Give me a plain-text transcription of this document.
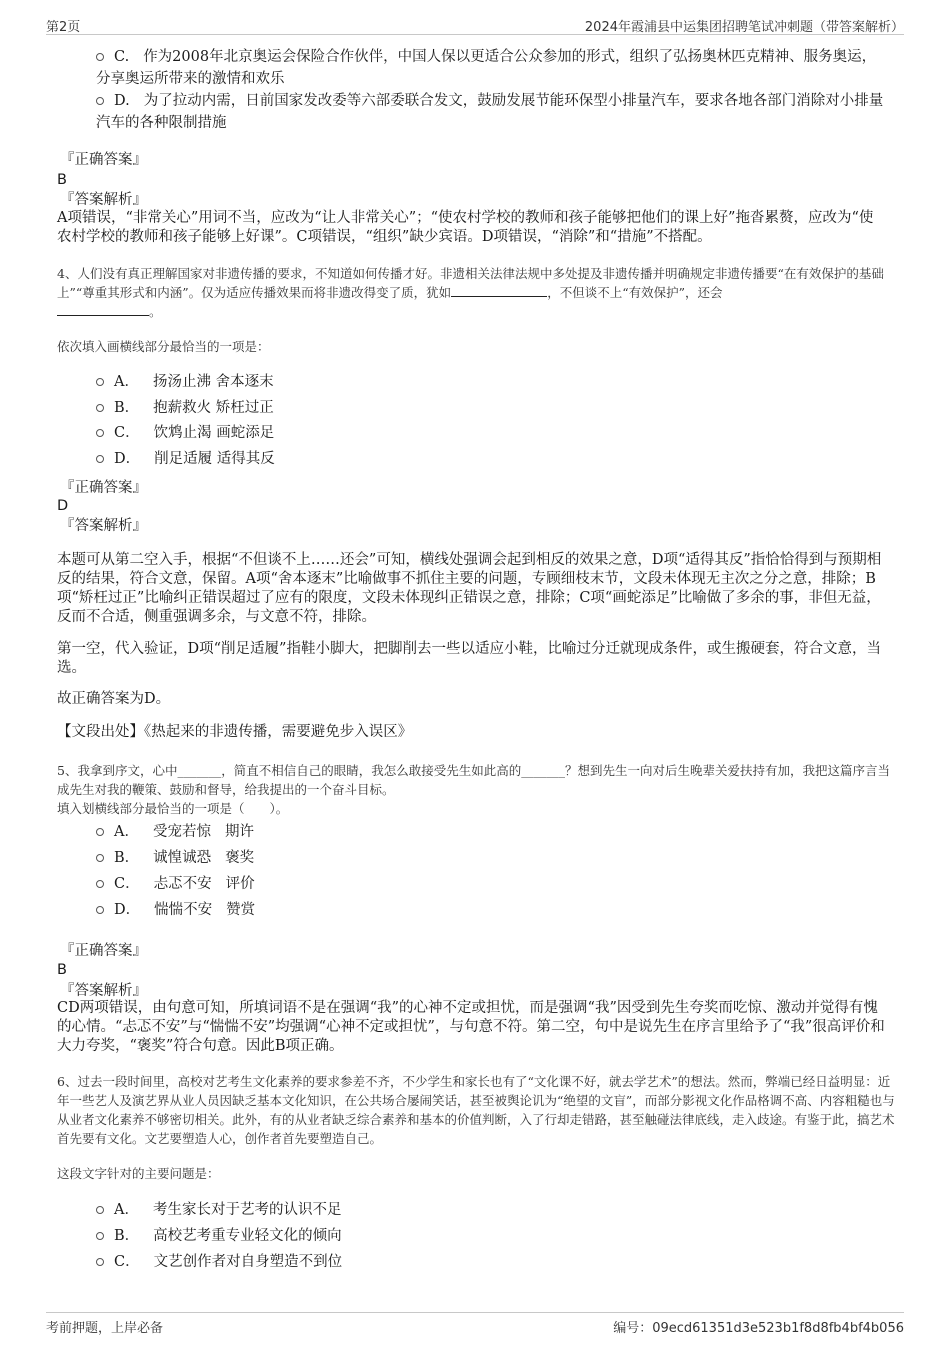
第2页	2024年霞浦县中运集团招聘笔试冲刺题（带答案解析）
C. 作为2008年北京奥运会保险合作伙伴，中国人保以更适合公众参加的形式，组织了弘扬奥林匹克精神、服务奥运，分享奥运所带来的激情和欢乐
D. 为了拉动内需，日前国家发改委等六部委联合发文，鼓励发展节能环保型小排量汽车，要求各地各部门消除对小排量汽车的各种限制措施
『正确答案』
B
『答案解析』
A项错误，“非常关心”用词不当，应改为“让人非常关心”；“使农村学校的教师和孩子能够把他们的课上好”拖沓累赘，应改为“使农村学校的教师和孩子能够上好课”。C项错误，“组织”缺少宾语。D项错误，“消除”和“措施”不搭配。
4、人们没有真正理解国家对非遗传播的要求，不知道如何传播才好。非遗相关法律法规中多处提及非遗传播并明确规定非遗传播要“在有效保护的基础上”“尊重其形式和内涵”。仅为适应传播效果而将非遗改得变了质，犹如	，不但谈不上“有效保护”，还会
。
依次填入画横线部分最恰当的一项是：
A． 扬汤止沸 舍本逐末
B． 抱薪救火 矫枉过正
C． 饮鸩止渴 画蛇添足
D． 削足适履 适得其反
『正确答案』
D
『答案解析』
本题可从第二空入手，根据“不但谈不上……还会”可知，横线处强调会起到相反的效果之意，D项“适得其反”指恰恰得到与预期相反的结果，符合文意，保留。A项“舍本逐末”比喻做事不抓住主要的问题，专顾细枝末节，文段未体现无主次之分之意，排除；B项“矫枉过正”比喻纠正错误超过了应有的限度，文段未体现纠正错误之意，排除；C项“画蛇添足”比喻做了多余的事，非但无益，反而不合适，侧重强调多余，与文意不符，排除。
第一空，代入验证，D项“削足适履”指鞋小脚大，把脚削去一些以适应小鞋，比喻过分迁就现成条件，或生搬硬套，符合文意，当选。
故正确答案为D。
【文段出处】《热起来的非遗传播，需要避免步入误区》
5、我拿到序文，心中_______，简直不相信自己的眼睛，我怎么敢接受先生如此高的_______？想到先生一向对后生晚辈关爱扶持有加，我把这篇序言当成先生对我的鞭策、鼓励和督导，给我提出的一个奋斗目标。
填入划横线部分最恰当的一项是（　　）。
A． 受宠若惊 期许
B． 诚惶诚恐 褒奖
C． 忐忑不安 评价
D． 惴惴不安 赞赏
『正确答案』
B
『答案解析』
CD两项错误，由句意可知，所填词语不是在强调“我”的心神不定或担忧，而是强调“我”因受到先生夸奖而吃惊、激动并觉得有愧的心情。“忐忑不安”与“惴惴不安”均强调“心神不定或担忧”，与句意不符。第二空，句中是说先生在序言里给予了“我”很高评价和大力夸奖，“褒奖”符合句意。因此B项正确。
6、过去一段时间里，高校对艺考生文化素养的要求参差不齐，不少学生和家长也有了“文化课不好，就去学艺术”的想法。然而，弊端已经日益明显：近年一些艺人及演艺界从业人员因缺乏基本文化知识，在公共场合屡闹笑话，甚至被舆论讥为“绝望的文盲”，而部分影视文化作品格调不高、内容粗糙也与从业者文化素养不够密切相关。此外，有的从业者缺乏综合素养和基本的价值判断，入了行却走错路，甚至触碰法律底线，走入歧途。有鉴于此，搞艺术首先要有文化。文艺要塑造人心，创作者首先要塑造自己。
这段文字针对的主要问题是：
A． 考生家长对于艺考的认识不足
B． 高校艺考重专业轻文化的倾向
C． 文艺创作者对自身塑造不到位
考前押题，上岸必备	编号：09ecd61351d3e523b1f8d8fb4bf4b056
